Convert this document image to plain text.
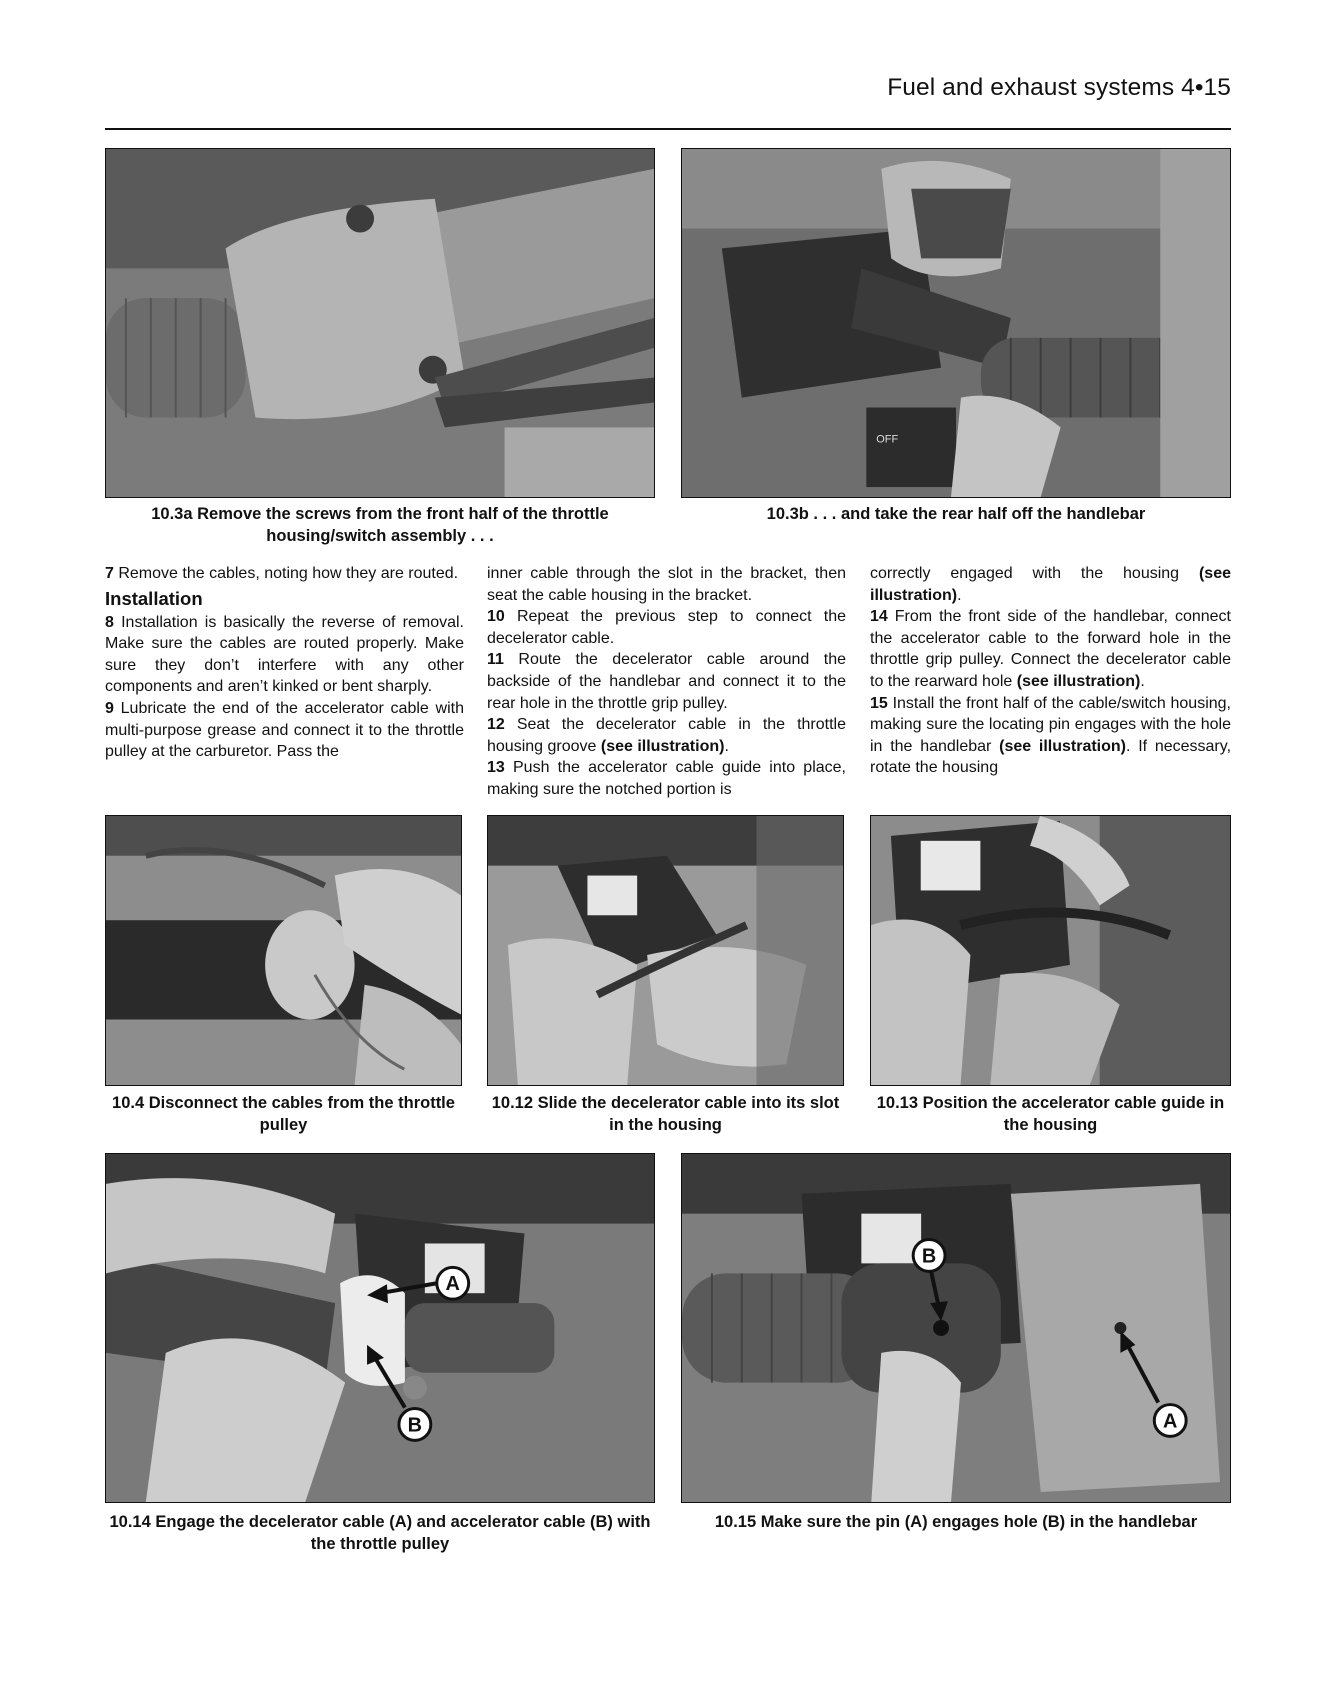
Fuel and exhaust systems 4•15
10.3a Remove the screws from the front half of the throttle housing/switch assembly . . .
OFF
10.3b . . . and take the rear half off the handlebar

7 Remove the cables, noting how they are routed.

Installation

8 Installation is basically the reverse of removal. Make sure the cables are routed properly. Make sure they don’t interfere with any other components and aren’t kinked or bent sharply.

9 Lubricate the end of the accelerator cable with multi-purpose grease and connect it to the throttle pulley at the carburetor. Pass the

inner cable through the slot in the bracket, then seat the cable housing in the bracket.

10 Repeat the previous step to connect the decelerator cable.

11 Route the decelerator cable around the backside of the handlebar and connect it to the rear hole in the throttle grip pulley.

12 Seat the decelerator cable in the throttle housing groove (see illustration).

13 Push the accelerator cable guide into place, making sure the notched portion is

correctly engaged with the housing (see illustration).

14 From the front side of the handlebar, connect the accelerator cable to the forward hole in the throttle grip pulley. Connect the decelerator cable to the rearward hole (see illustration).

15 Install the front half of the cable/switch housing, making sure the locating pin engages with the hole in the handlebar (see illustration). If necessary, rotate the housing

10.4 Disconnect the cables from the throttle pulley
10.12 Slide the decelerator cable into its slot in the housing
10.13 Position the accelerator cable guide in the housing
A
B
10.14 Engage the decelerator cable (A) and accelerator cable (B) with the throttle pulley
B
A
10.15 Make sure the pin (A) engages hole (B) in the handlebar
